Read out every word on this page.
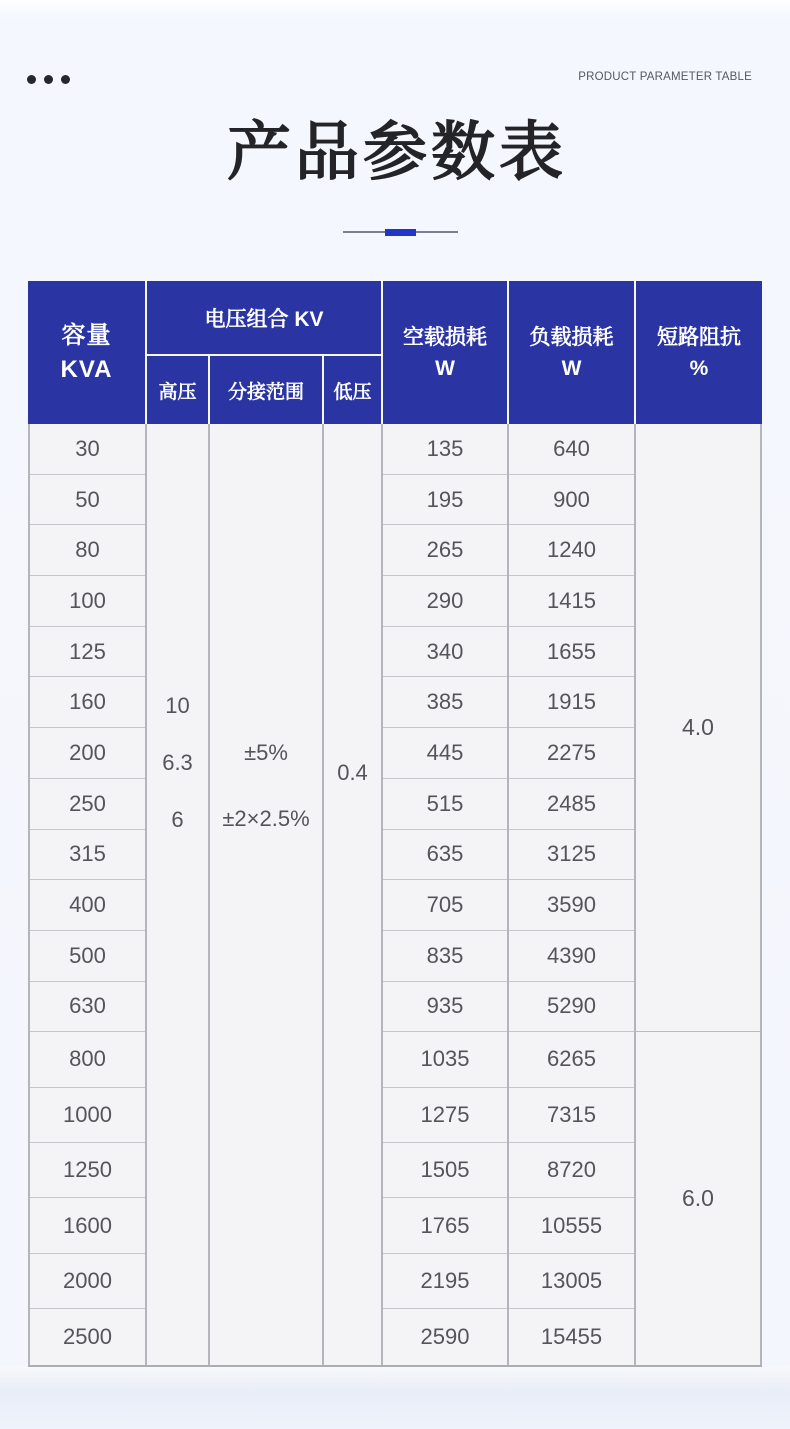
PRODUCT PARAMETER TABLE
产品参数表
容量
KVA
电压组合 KV
高压 分接范围 低压
空载损耗
W
负载损耗
W
短路阻抗
%
30
50
80
100
125
160
200
250
315
400
500
630
800
1000
1250
1600
2000
2500
10
6.3
6
±5%
±2×2.5%
0.4
135
195
265
290
340
385
445
515
635
705
835
935
1035
1275
1505
1765
2195
2590
640
900
1240
1415
1655
1915
2275
2485
3125
3590
4390
5290
6265
7315
8720
10555
13005
15455
4.0
6.0
